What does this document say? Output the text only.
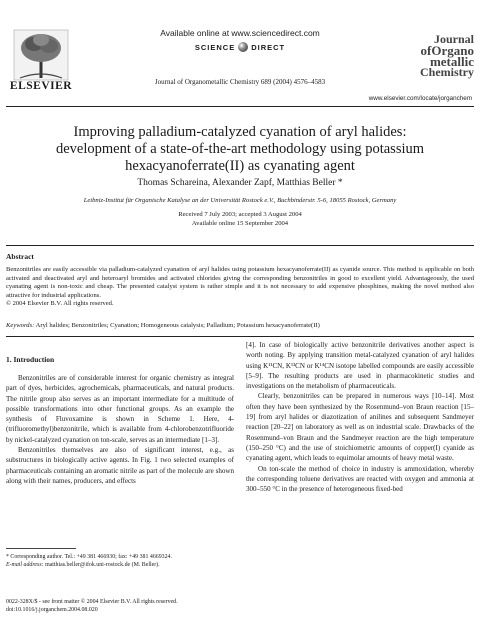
Available online at www.sciencedirect.com
SCIENCE DIRECT
ELSEVIER	Journal of Organometallic Chemistry 689 (2004) 4576–4583
Journal
ofOrgano
metallic
Chemistry
www.elsevier.com/locate/jorganchem
Improving palladium-catalyzed cyanation of aryl halides: development of a state-of-the-art methodology using potassium hexacyanoferrate(II) as cyanating agent
Thomas Schareina, Alexander Zapf, Matthias Beller *
Leibniz-Institut für Organische Katalyse an der Universität Rostock e.V., Buchbinderstr. 5-6, 18055 Rostock, Germany
Received 7 July 2003; accepted 3 August 2004
Available online 15 September 2004
Abstract
Benzonitriles are easily accessible via palladium-catalyzed cyanation of aryl halides using potassium hexacyanoferrate(II) as cyanide source. This method is applicable on both activated and deactivated aryl and heteroaryl bromides and activated chlorides giving the corresponding benzonitriles in good to excellent yield. Advantageously, the used cyanating agent is non-toxic and cheap. The presented catalyst system is rather simple and it is not necessary to add expensive phosphines, making the novel method also attractive for industrial applications.
© 2004 Elsevier B.V. All rights reserved.
Keywords: Aryl halides; Benzonitriles; Cyanation; Homogeneous catalysis; Palladium; Potassium hexacyanoferrate(II)
1. Introduction

Benzonitriles are of considerable interest for organic chemistry as integral part of dyes, herbicides, agrochemicals, pharmaceuticals, and natural products. The nitrile group also serves as an important intermediate for a multitude of possible transformations into other functional groups. As an example the synthesis of Fluvoxamine is shown in Scheme 1. Here, 4-(trifluoromethyl)benzonitrile, which is available from 4-chlorobenzotrifluoride by nickel-catalyzed cyanation on ton-scale, serves as an intermediate [1–3].

Benzonitriles themselves are also of significant interest, e.g., as substructures in biologically active agents. In Fig. 1 two selected examples of pharmaceuticals containing an aromatic nitrile as part of the molecule are shown along with their names, producers, and effects

[4]. In case of biologically active benzonitrile derivatives another aspect is worth noting. By applying transition metal-catalyzed cyanation of aryl halides using K¹¹CN, K¹³CN or K¹⁴CN isotope labelled compounds are easily accessible [5–9]. The resulting products are used in pharmacokinetic studies and investigations on the metabolism of pharmaceuticals.

Clearly, benzonitriles can be prepared in numerous ways [10–14]. Most often they have been synthesized by the Rosenmund–von Braun reaction [15–19] from aryl halides or diazotization of anilines and subsequent Sandmeyer reaction [20–22] on laboratory as well as on industrial scale. Drawbacks of the Rosenmund–von Braun and the Sandmeyer reaction are the high temperature (150–250 °C) and the use of stoichiometric amounts of copper(I) cyanide as cyanating agent, which leads to equimolar amounts of heavy metal waste.

On ton-scale the method of choice in industry is ammoxidation, whereby the corresponding toluene derivatives are reacted with oxygen and ammonia at 300–550 °C in the presence of heterogeneous fixed-bed

* Corresponding author. Tel.: +49 381 466930; fax: +49 381 4669324.
E-mail address: matthias.beller@ifok.uni-rostock.de (M. Beller).
0022-328X/$ - see front matter © 2004 Elsevier B.V. All rights reserved.
doi:10.1016/j.jorganchem.2004.08.020
